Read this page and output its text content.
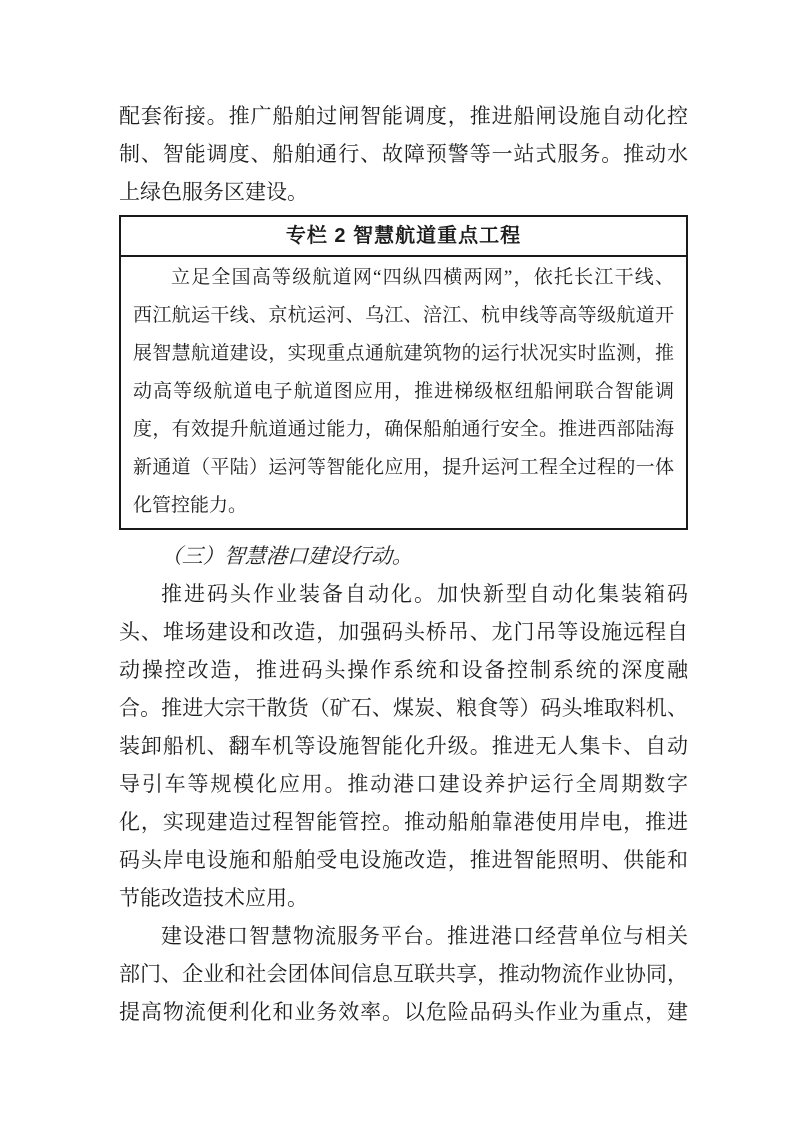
配套衔接。推广船舶过闸智能调度，推进船闸设施自动化控
制、智能调度、船舶通行、故障预警等一站式服务。推动水
上绿色服务区建设。
专栏 2 智慧航道重点工程
立足全国高等级航道网“四纵四横两网”，依托长江干线、
西江航运干线、京杭运河、乌江、涪江、杭申线等高等级航道开
展智慧航道建设，实现重点通航建筑物的运行状况实时监测，推
动高等级航道电子航道图应用，推进梯级枢纽船闸联合智能调
度，有效提升航道通过能力，确保船舶通行安全。推进西部陆海
新通道（平陆）运河等智能化应用，提升运河工程全过程的一体
化管控能力。
（三）智慧港口建设行动。
推进码头作业装备自动化。加快新型自动化集装箱码
头、堆场建设和改造，加强码头桥吊、龙门吊等设施远程自
动操控改造，推进码头操作系统和设备控制系统的深度融
合。推进大宗干散货（矿石、煤炭、粮食等）码头堆取料机、
装卸船机、翻车机等设施智能化升级。推进无人集卡、自动
导引车等规模化应用。推动港口建设养护运行全周期数字
化，实现建造过程智能管控。推动船舶靠港使用岸电，推进
码头岸电设施和船舶受电设施改造，推进智能照明、供能和
节能改造技术应用。
建设港口智慧物流服务平台。推进港口经营单位与相关
部门、企业和社会团体间信息互联共享，推动物流作业协同，
提高物流便利化和业务效率。以危险品码头作业为重点，建
